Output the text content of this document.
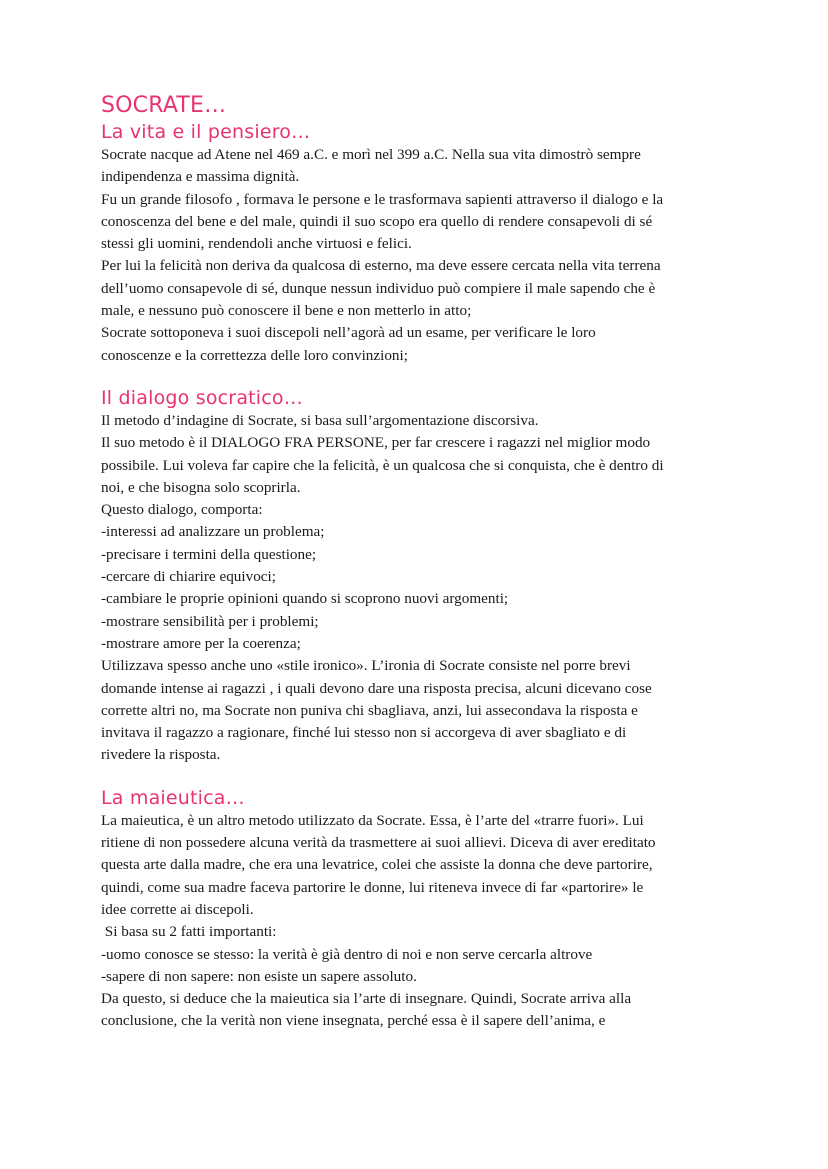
SOCRATE…
La vita e il pensiero…

Socrate nacque ad Atene nel 469 a.C. e morì nel 399 a.C. Nella sua vita dimostrò sempre

indipendenza e massima dignità.

Fu un grande filosofo , formava le persone e le trasformava sapienti attraverso il dialogo e la

conoscenza del bene e del male, quindi il suo scopo era quello di rendere consapevoli di sé

stessi gli uomini, rendendoli anche virtuosi e felici.

Per lui la felicità non deriva da qualcosa di esterno, ma deve essere cercata nella vita terrena

dell’uomo consapevole di sé, dunque nessun individuo può compiere il male sapendo che è

male, e nessuno può conoscere il bene e non metterlo in atto;

Socrate sottoponeva i suoi discepoli nell’agorà ad un esame, per verificare le loro

conoscenze e la correttezza delle loro convinzioni;

Il dialogo socratico…

Il metodo d’indagine di Socrate, si basa sull’argomentazione discorsiva.

Il suo metodo è il DIALOGO FRA PERSONE, per far crescere i ragazzi nel miglior modo

possibile. Lui voleva far capire che la felicità, è un qualcosa che si conquista, che è dentro di

noi, e che bisogna solo scoprirla.

Questo dialogo, comporta:

-interessi ad analizzare un problema;

-precisare i termini della questione;

-cercare di chiarire equivoci;

-cambiare le proprie opinioni quando si scoprono nuovi argomenti;

-mostrare sensibilità per i problemi;

-mostrare amore per la coerenza;

Utilizzava spesso anche uno «stile ironico». L’ironia di Socrate consiste nel porre brevi

domande intense ai ragazzi , i quali devono dare una risposta precisa, alcuni dicevano cose

corrette altri no, ma Socrate non puniva chi sbagliava, anzi, lui assecondava la risposta e

invitava il ragazzo a ragionare, finché lui stesso non si accorgeva di aver sbagliato e di

rivedere la risposta.

La maieutica…

La maieutica, è un altro metodo utilizzato da Socrate. Essa, è l’arte del «trarre fuori». Lui

ritiene di non possedere alcuna verità da trasmettere ai suoi allievi. Diceva di aver ereditato

questa arte dalla madre, che era una levatrice, colei che assiste la donna che deve partorire,

quindi, come sua madre faceva partorire le donne, lui riteneva invece di far «partorire» le

idee corrette ai discepoli.

Si basa su 2 fatti importanti:

-uomo conosce se stesso: la verità è già dentro di noi e non serve cercarla altrove

-sapere di non sapere: non esiste un sapere assoluto.

Da questo, si deduce che la maieutica sia l’arte di insegnare. Quindi, Socrate arriva alla

conclusione, che la verità non viene insegnata, perché essa è il sapere dell’anima, e
